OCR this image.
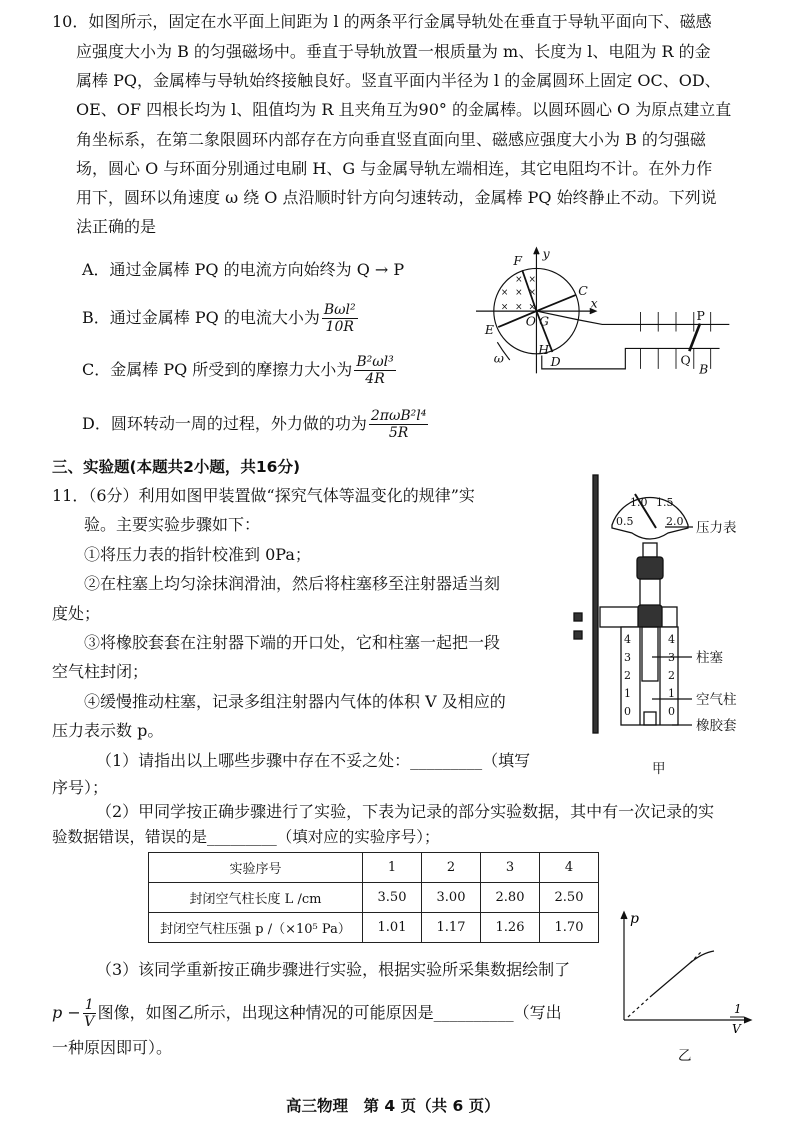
10．如图所示，固定在水平面上间距为 l 的两条平行金属导轨处在垂直于导轨平面向下、磁感
应强度大小为 B 的匀强磁场中。垂直于导轨放置一根质量为 m、长度为 l、电阻为 R 的金
属棒 PQ，金属棒与导轨始终接触良好。竖直平面内半径为 l 的金属圆环上固定 OC、OD、
OE、OF 四根长均为 l、阻值均为 R 且夹角互为90° 的金属棒。以圆环圆心 O 为原点建立直
角坐标系，在第二象限圆环内部存在方向垂直竖直面向里、磁感应强度大小为 B 的匀强磁
场，圆心 O 与环面分别通过电刷 H、G 与金属导轨左端相连，其它电阻均不计。在外力作
用下，圆环以角速度 ω 绕 O 点沿顺时针方向匀速转动，金属棒 PQ 始终静止不动。下列说
法正确的是
A．通过金属棒 PQ 的电流方向始终为 Q → P
B．通过金属棒 PQ 的电流大小为 Bωl²
10R
C．金属棒 PQ 所受到的摩擦力大小为 $\frac{\text{B²ωl³}}{4R}$
D．圆环转动一周的过程，外力做的功为 2πωB²l⁴
5R
× ×
× × ×
× × ×
F y
C
x
O G
E
H
D
ω
P
Q
B
三、实验题(本题共2小题，共16分)
11．（6分）利用如图甲装置做“探究气体等温变化的规律”实
验。主要实验步骤如下：
①将压力表的指针校准到 0Pa；
②在柱塞上均匀涂抹润滑油，然后将柱塞移至注射器适当刻
度处；
③将橡胶套套在注射器下端的开口处，它和柱塞一起把一段
空气柱封闭；
④缓慢推动柱塞，记录多组注射器内气体的体积 V 及相应的
压力表示数 p。
（1）请指出以上哪些步骤中存在不妥之处：_________（填写
序号）；
（2）甲同学按正确步骤进行了实验，下表为记录的部分实验数据，其中有一次记录的实
验数据错误，错误的是_________（填对应的实验序号）；
实验序号	1	2	3	4
封闭空气柱长度 L /cm	3.50	3.00	2.80	2.50
封闭空气柱压强 p /（×10⁵ Pa）	1.01	1.17	1.26	1.70
（3）该同学重新按正确步骤进行实验，根据实验所采集数据绘制了
$p - \frac{1}{V}$ 图像，如图乙所示，出现这种情况的可能原因是__________（写出
一种原因即可）。
0.5
1.0 1.5
2.0
4
3
2
1
0
4
3
2
1
0
压力表
柱塞
空气柱
橡胶套
甲
p
1
V
乙
高三物理　第 4 页（共 6 页）
